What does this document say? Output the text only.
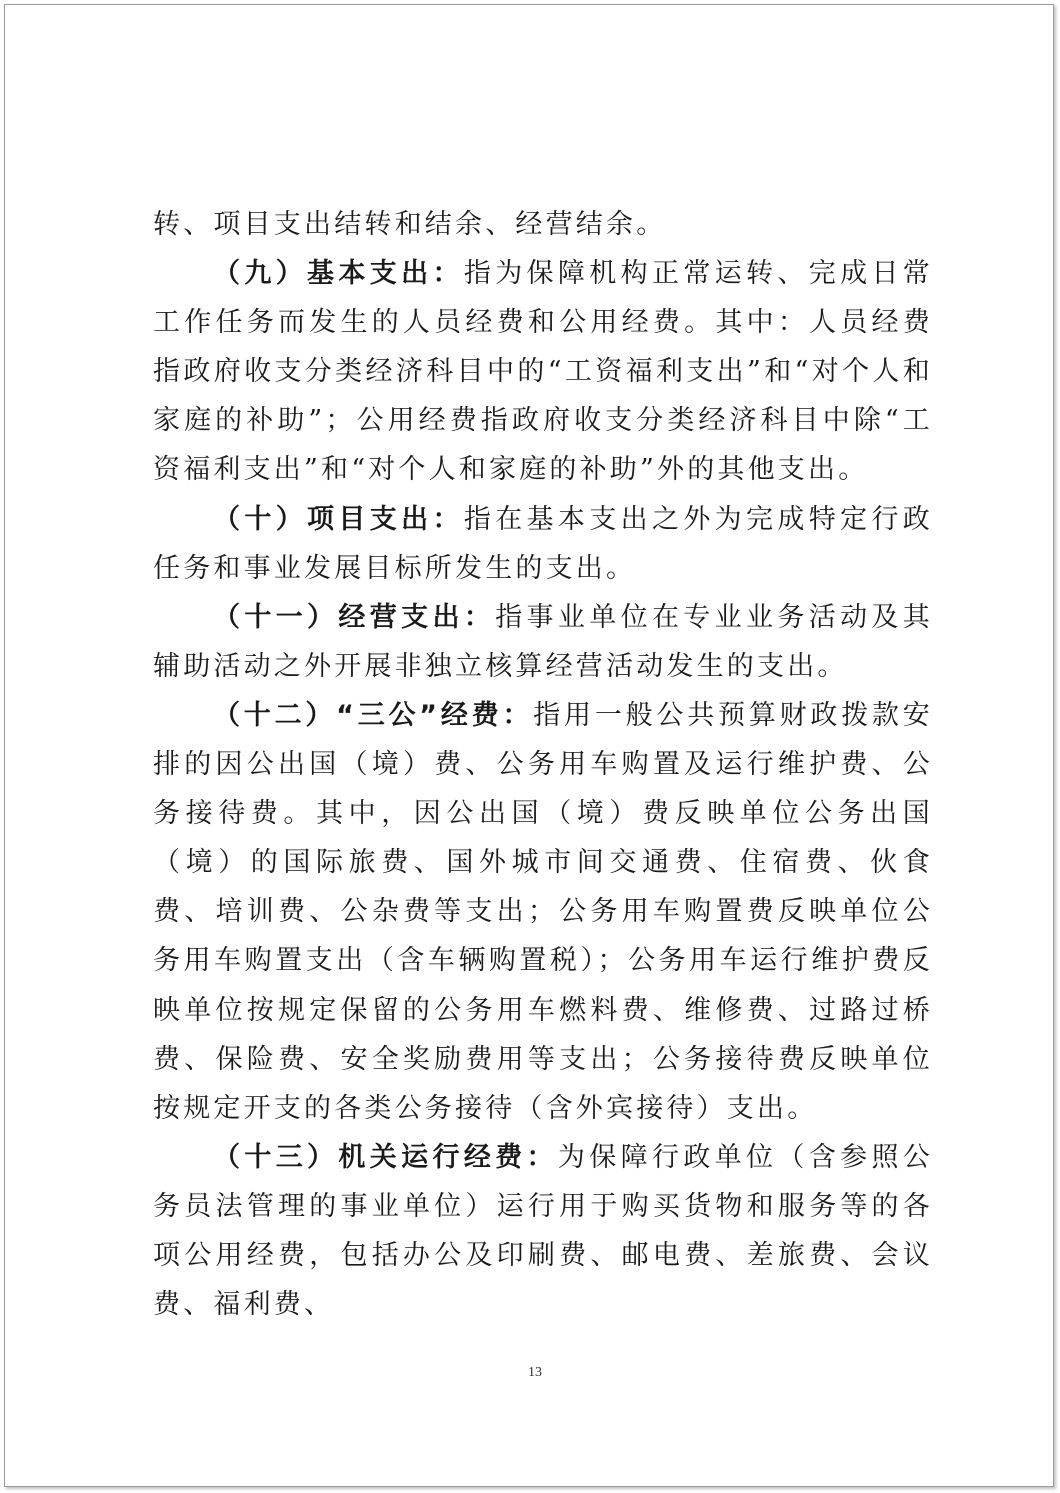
转、项目支出结转和结余、经营结余。

（九）基本支出：指为保障机构正常运转、完成日常工作任务而发生的人员经费和公用经费。其中：人员经费指政府收支分类经济科目中的“工资福利支出”和“对个人和家庭的补助”；公用经费指政府收支分类经济科目中除“工资福利支出”和“对个人和家庭的补助”外的其他支出。

（十）项目支出：指在基本支出之外为完成特定行政任务和事业发展目标所发生的支出。

（十一）经营支出：指事业单位在专业业务活动及其辅助活动之外开展非独立核算经营活动发生的支出。

（十二）“三公”经费：指用一般公共预算财政拨款安排的因公出国（境）费、公务用车购置及运行维护费、公务接待费。其中，因公出国（境）费反映单位公务出国（境）的国际旅费、国外城市间交通费、住宿费、伙食费、培训费、公杂费等支出；公务用车购置费反映单位公务用车购置支出（含车辆购置税）；公务用车运行维护费反映单位按规定保留的公务用车燃料费、维修费、过路过桥费、保险费、安全奖励费用等支出；公务接待费反映单位按规定开支的各类公务接待（含外宾接待）支出。

（十三）机关运行经费：为保障行政单位（含参照公务员法管理的事业单位）运行用于购买货物和服务等的各项公用经费，包括办公及印刷费、邮电费、差旅费、会议费、福利费、

13
